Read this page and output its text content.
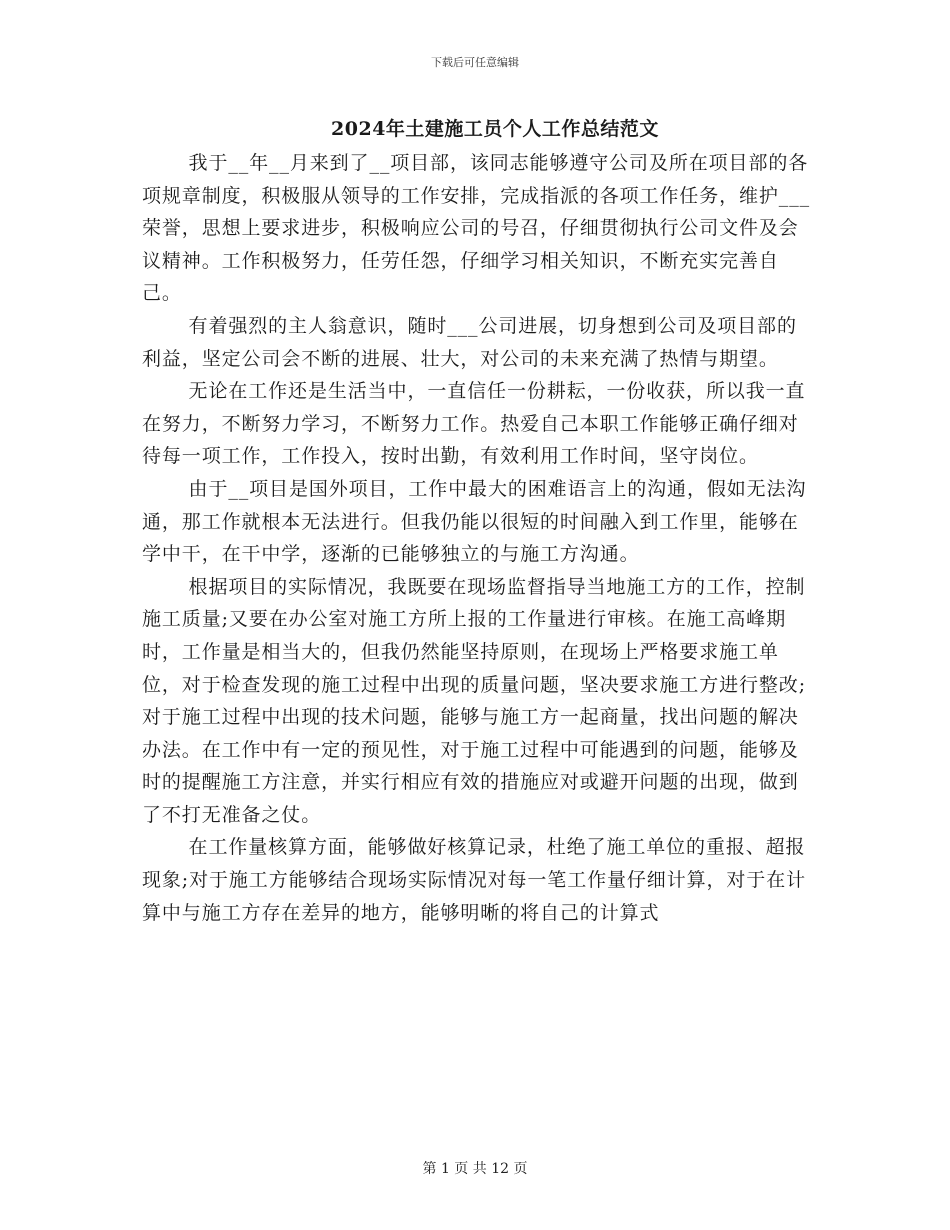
下载后可任意编辑
2024年土建施工员个人工作总结范文

我于__年__月来到了__项目部，该同志能够遵守公司及所在项目部的各项规章制度，积极服从领导的工作安排，完成指派的各项工作任务，维护___荣誉，思想上要求进步，积极响应公司的号召，仔细贯彻执行公司文件及会议精神。工作积极努力，任劳任怨，仔细学习相关知识，不断充实完善自己。

有着强烈的主人翁意识，随时___公司进展，切身想到公司及项目部的利益，坚定公司会不断的进展、壮大，对公司的未来充满了热情与期望。

无论在工作还是生活当中，一直信任一份耕耘，一份收获，所以我一直在努力，不断努力学习，不断努力工作。热爱自己本职工作能够正确仔细对待每一项工作，工作投入，按时出勤，有效利用工作时间，坚守岗位。

由于__项目是国外项目，工作中最大的困难语言上的沟通，假如无法沟通，那工作就根本无法进行。但我仍能以很短的时间融入到工作里，能够在学中干，在干中学，逐渐的已能够独立的与施工方沟通。

根据项目的实际情况，我既要在现场监督指导当地施工方的工作，控制施工质量;又要在办公室对施工方所上报的工作量进行审核。在施工高峰期时，工作量是相当大的，但我仍然能坚持原则，在现场上严格要求施工单位，对于检查发现的施工过程中出现的质量问题，坚决要求施工方进行整改;对于施工过程中出现的技术问题，能够与施工方一起商量，找出问题的解决办法。在工作中有一定的预见性，对于施工过程中可能遇到的问题，能够及时的提醒施工方注意，并实行相应有效的措施应对或避开问题的出现，做到了不打无准备之仗。

在工作量核算方面，能够做好核算记录，杜绝了施工单位的重报、超报现象;对于施工方能够结合现场实际情况对每一笔工作量仔细计算，对于在计算中与施工方存在差异的地方，能够明晰的将自己的计算式

第 1 页 共 12 页
